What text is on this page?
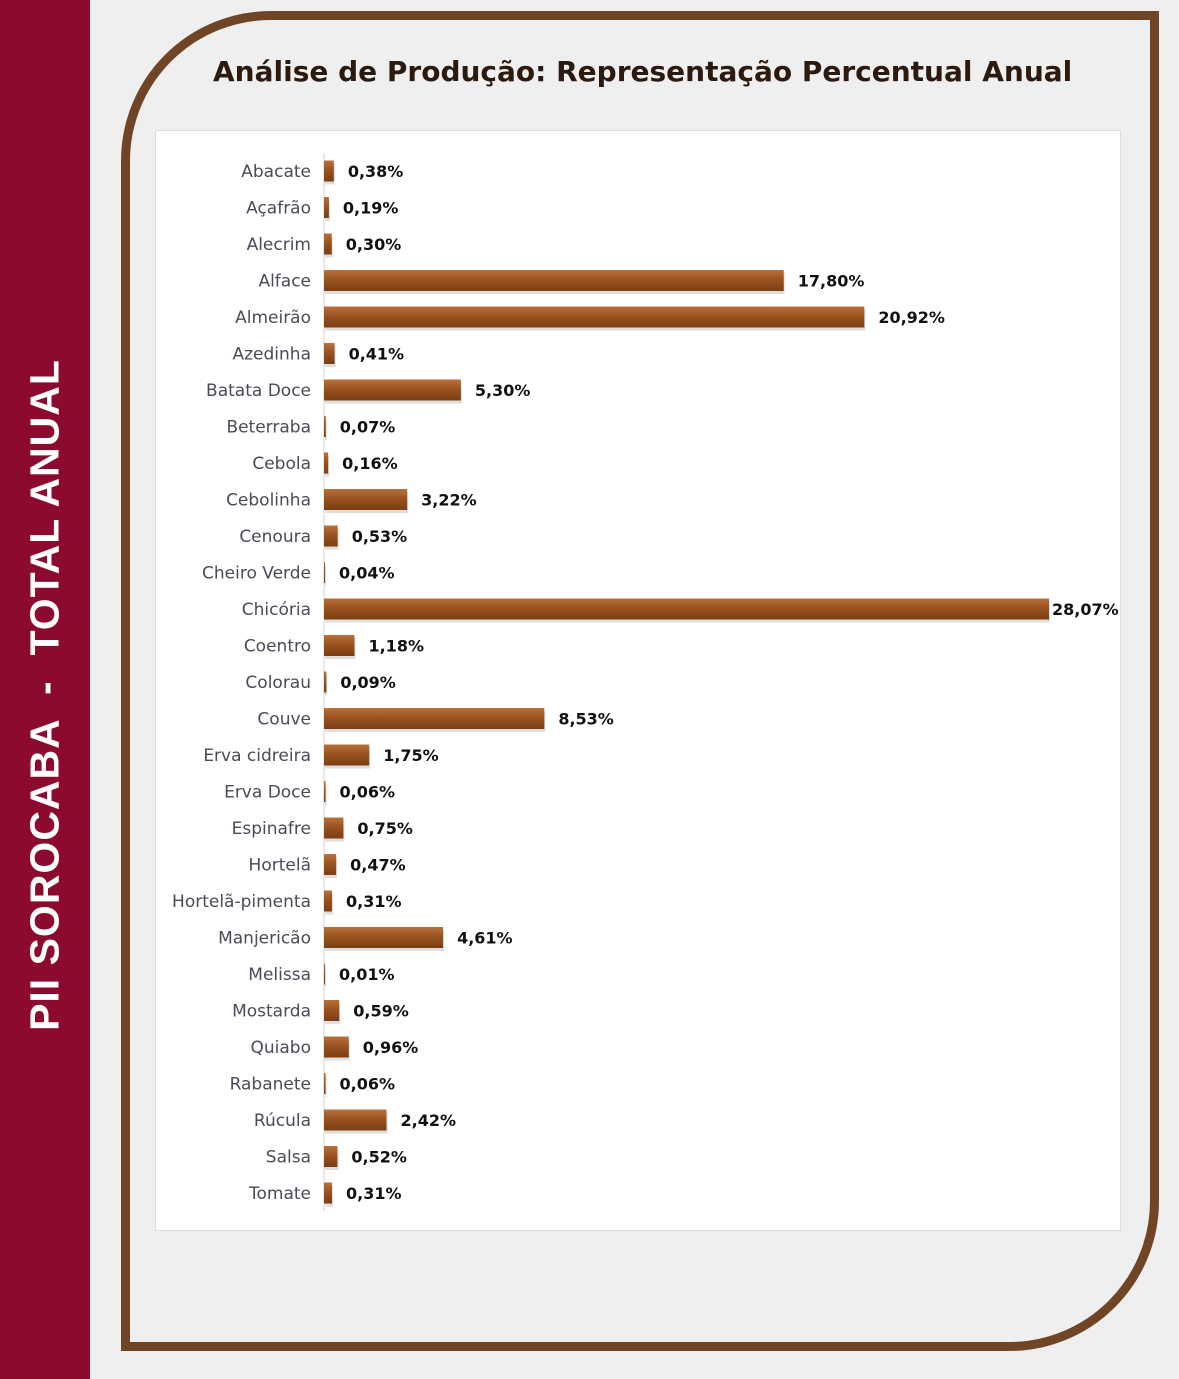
PII SOROCABA  -  TOTAL ANUAL
Análise de Produção: Representação Percentual Anual
Abacate 0,38%
Açafrão 0,19%
Alecrim 0,30%
Alface	17,80%
Almeirão	20,92%
Azedinha 0,41%
Batata Doce	5,30%
Beterraba 0,07%
Cebola 0,16%
Cebolinha	3,22%
Cenoura	0,53%
Cheiro Verde 0,04%
Chicória	28,07%
Coentro	1,18%
Colorau 0,09%
Couve	8,53%
Erva cidreira	1,75%
Erva Doce 0,06%
Espinafre	0,75%
Hortelã 0,47%
Hortelã-pimenta 0,31%
Manjericão	4,61%
Melissa 0,01%
Mostarda	0,59%
Quiabo	0,96%
Rabanete 0,06%
Rúcula	2,42%
Salsa	0,52%
Tomate 0,31%
